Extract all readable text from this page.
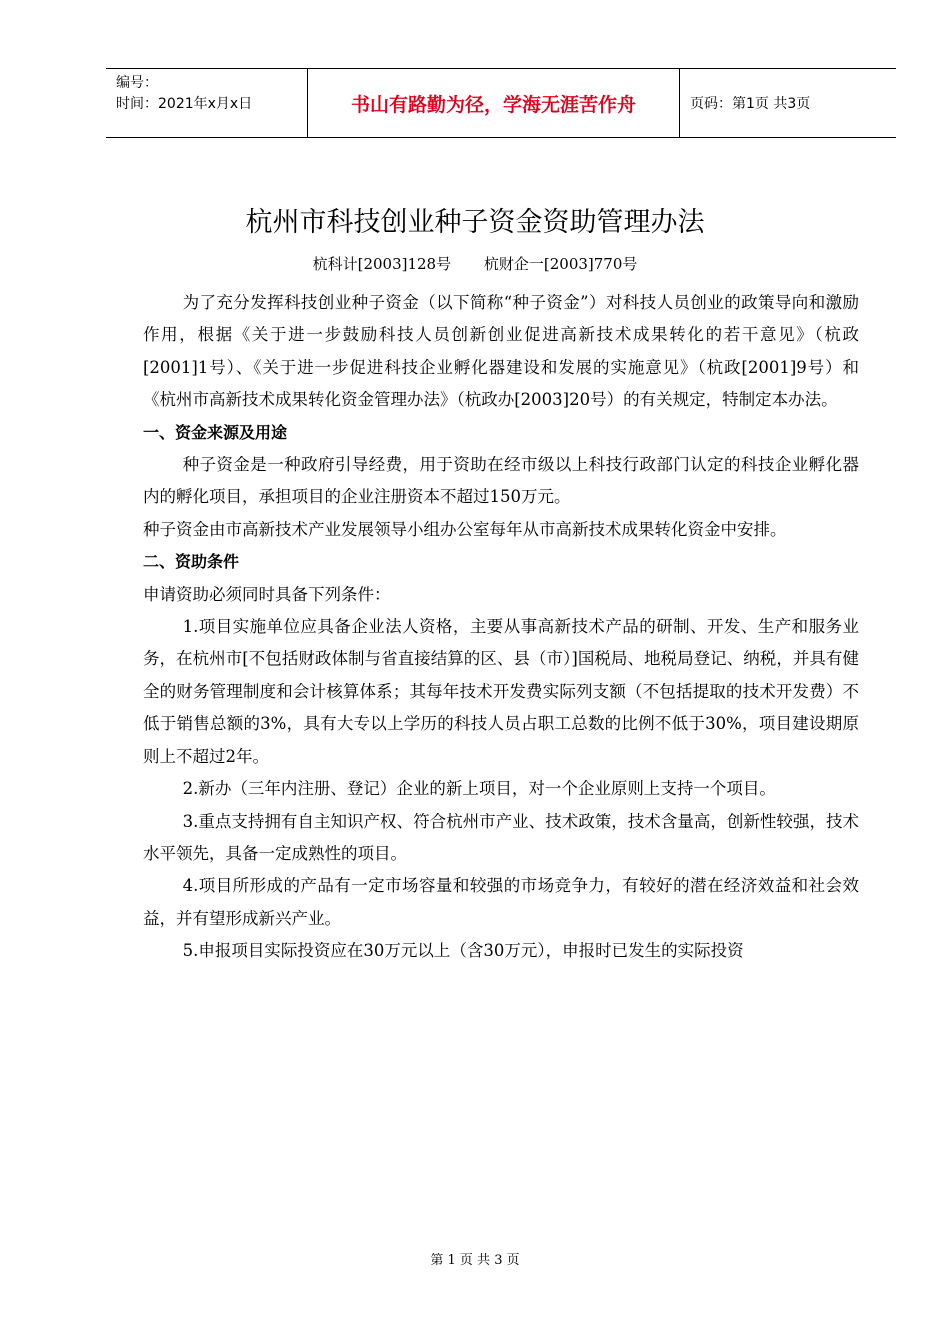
编号：
时间：2021年x月x日	书山有路勤为径，学海无涯苦作舟	页码：第1页 共3页
杭州市科技创业种子资金资助管理办法
杭科计[2003]128号 杭财企一[2003]770号

为了充分发挥科技创业种子资金（以下简称“种子资金”）对科技人员创业的政策导向和激励作用，根据《关于进一步鼓励科技人员创新创业促进高新技术成果转化的若干意见》（杭政[2001]1号）、《关于进一步促进科技企业孵化器建设和发展的实施意见》（杭政[2001]9号）和《杭州市高新技术成果转化资金管理办法》（杭政办[2003]20号）的有关规定，特制定本办法。

一、资金来源及用途

种子资金是一种政府引导经费，用于资助在经市级以上科技行政部门认定的科技企业孵化器内的孵化项目，承担项目的企业注册资本不超过150万元。

种子资金由市高新技术产业发展领导小组办公室每年从市高新技术成果转化资金中安排。

二、资助条件

申请资助必须同时具备下列条件：

1.项目实施单位应具备企业法人资格，主要从事高新技术产品的研制、开发、生产和服务业务，在杭州市[不包括财政体制与省直接结算的区、县（市）]国税局、地税局登记、纳税，并具有健全的财务管理制度和会计核算体系；其每年技术开发费实际列支额（不包括提取的技术开发费）不低于销售总额的3%，具有大专以上学历的科技人员占职工总数的比例不低于30%，项目建设期原则上不超过2年。

2.新办（三年内注册、登记）企业的新上项目，对一个企业原则上支持一个项目。

3.重点支持拥有自主知识产权、符合杭州市产业、技术政策，技术含量高，创新性较强，技术水平领先，具备一定成熟性的项目。

4.项目所形成的产品有一定市场容量和较强的市场竞争力，有较好的潜在经济效益和社会效益，并有望形成新兴产业。

5.申报项目实际投资应在30万元以上（含30万元），申报时已发生的实际投资

第 1 页 共 3 页
